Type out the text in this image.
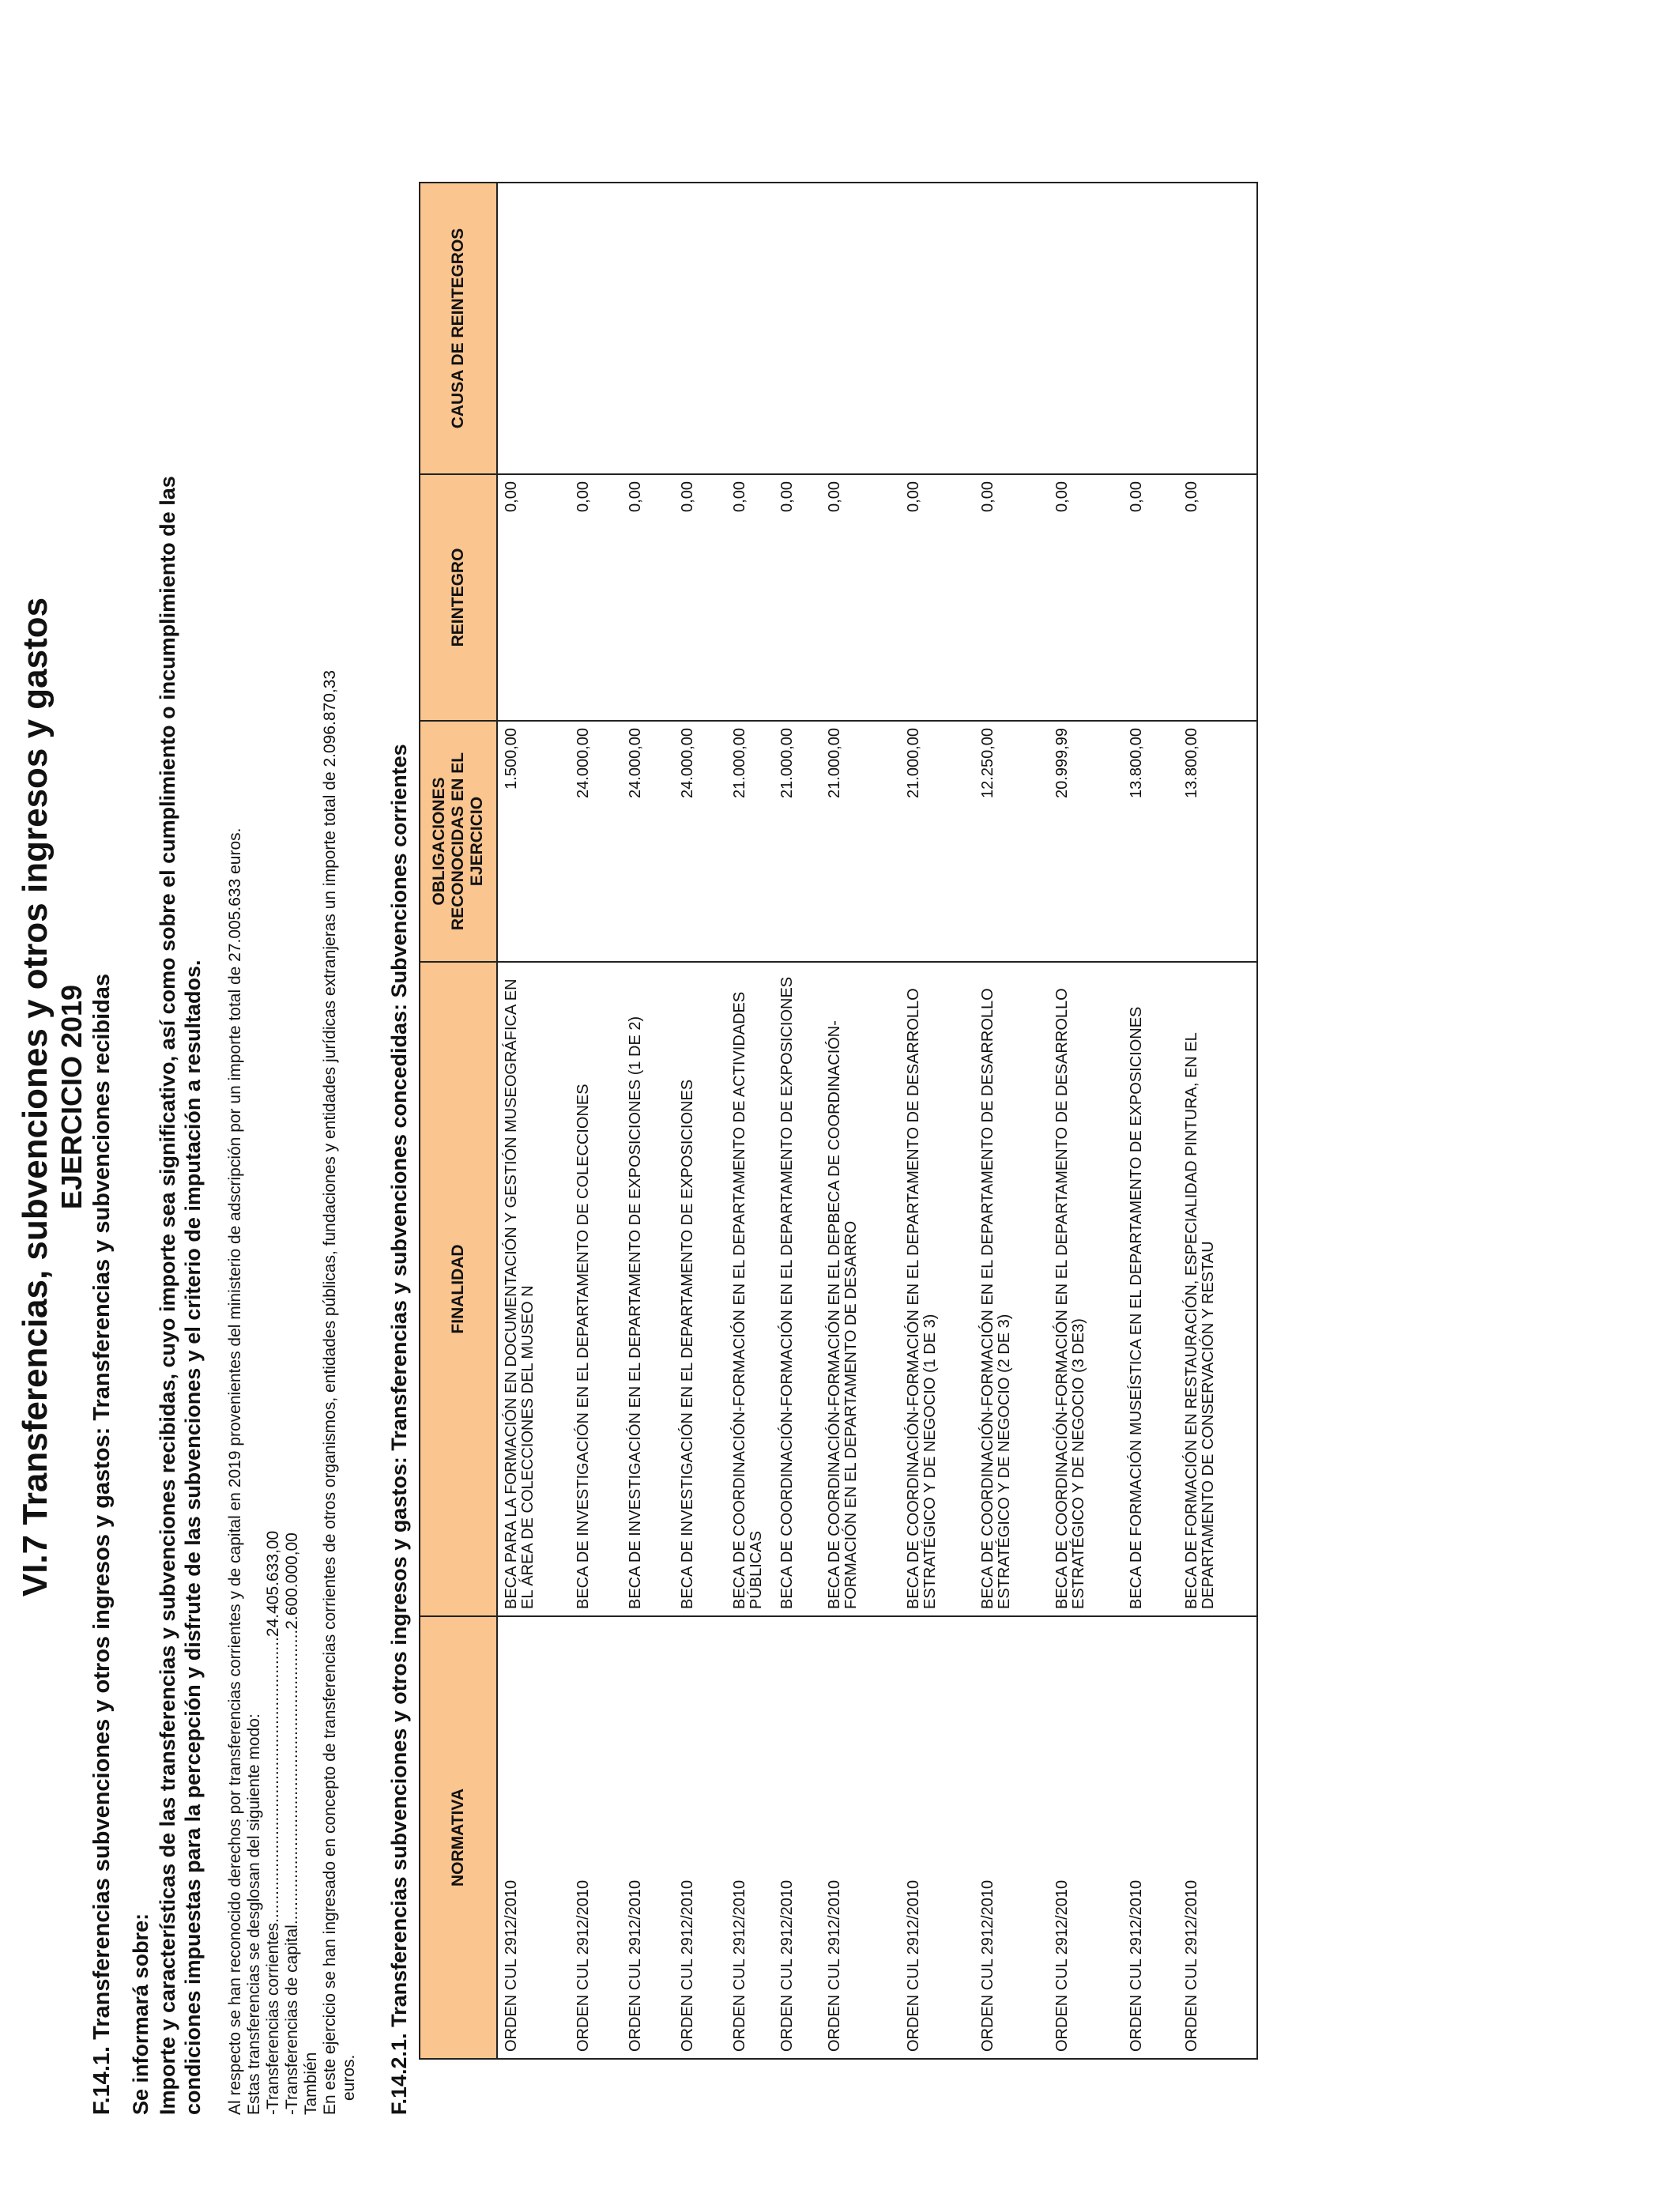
VI.7 Transferencias, subvenciones y otros ingresos y gastos EJERCICIO 2019 F.14.1. Transferencias subvenciones y otros ingresos y gastos: Transferencias y subvenciones recibidas Se informará sobre: Importe y características de las transferencias y subvenciones recibidas, cuyo importe sea significativo, así como sobre el cumplimiento o incumplimiento de las condiciones impuestas para la percepción y disfrute de las subvenciones y el criterio de imputación a resultados. Al respecto se han reconocido derechos por transferencias corrientes y de capital en 2019 provenientes del ministerio de adscripción por un importe total de 27.005.633 euros. Estas transferencias se desglosan del siguiente modo: -Transferencias corrientes..............................................................24.405.633,00
-Transferencias de capital................................................................2.600.000,00
También En este ejercicio se han ingresado en concepto de transferencias corrientes de otros organismos, entidades públicas, fundaciones y entidades jurídicas extranjeras un importe total de 2.096.870,33 euros. F.14.2.1. Transferencias subvenciones y otros ingresos y gastos: Transferencias y subvenciones concedidas: Subvenciones corrientes NORMATIVA	FINALIDAD	OBLIGACIONES RECONOCIDAS EN EL EJERCICIO	REINTEGRO	CAUSA DE REINTEGROS
ORDEN CUL 2912/2010	BECA PARA LA FORMACIÓN EN DOCUMENTACIÓN Y GESTIÓN MUSEOGRÁFICA EN EL ÁREA DE COLECCIONES DEL MUSEO N	1.500,00	0,00	
ORDEN CUL 2912/2010	BECA DE INVESTIGACIÓN EN EL DEPARTAMENTO DE COLECCIONES	24.000,00	0,00	
ORDEN CUL 2912/2010	BECA DE INVESTIGACIÓN EN EL DEPARTAMENTO DE EXPOSICIONES (1 DE 2)	24.000,00	0,00	
ORDEN CUL 2912/2010	BECA DE INVESTIGACIÓN EN EL DEPARTAMENTO DE EXPOSICIONES	24.000,00	0,00	
ORDEN CUL 2912/2010	BECA DE COORDINACIÓN-FORMACIÓN EN EL DEPARTAMENTO DE ACTIVIDADES PÚBLICAS	21.000,00	0,00	
ORDEN CUL 2912/2010	BECA DE COORDINACIÓN-FORMACIÓN EN EL DEPARTAMENTO DE EXPOSICIONES	21.000,00	0,00	
ORDEN CUL 2912/2010	BECA DE COORDINACIÓN-FORMACIÓN EN EL DEPBECA DE COORDINACIÓN-FORMACIÓN EN EL DEPARTAMENTO DE DESARRO	21.000,00	0,00	
ORDEN CUL 2912/2010	BECA DE COORDINACIÓN-FORMACIÓN EN EL DEPARTAMENTO DE DESARROLLO ESTRATÉGICO Y DE NEGOCIO (1 DE 3)	21.000,00	0,00	
ORDEN CUL 2912/2010	BECA DE COORDINACIÓN-FORMACIÓN EN EL DEPARTAMENTO DE DESARROLLO ESTRATÉGICO Y DE NEGOCIO (2 DE 3)	12.250,00	0,00	
ORDEN CUL 2912/2010	BECA DE COORDINACIÓN-FORMACIÓN EN EL DEPARTAMENTO DE DESARROLLO ESTRATÉGICO Y DE NEGOCIO (3 DE3)	20.999,99	0,00	
ORDEN CUL 2912/2010	BECA DE FORMACIÓN MUSEÍSTICA EN EL DEPARTAMENTO DE EXPOSICIONES	13.800,00	0,00	
ORDEN CUL 2912/2010	BECA DE FORMACIÓN EN RESTAURACIÓN, ESPECIALIDAD PINTURA, EN EL DEPARTAMENTO DE CONSERVACIÓN Y RESTAU	13.800,00	0,00	
